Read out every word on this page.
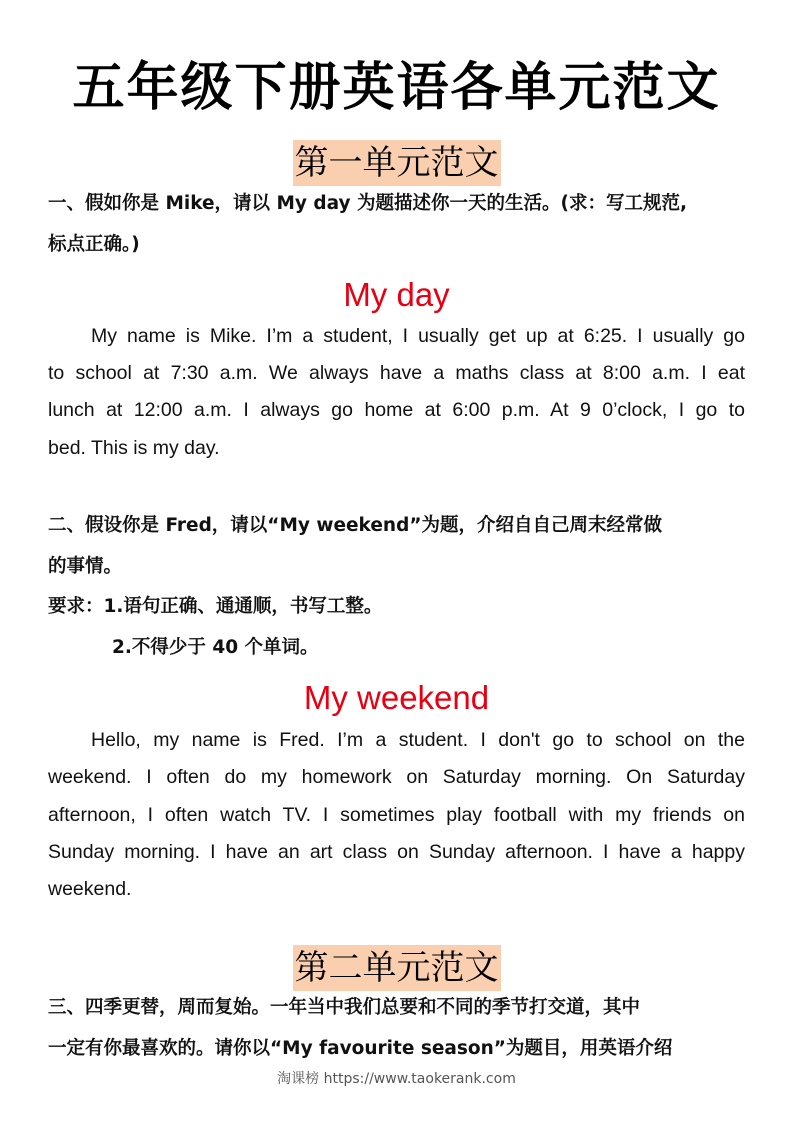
五年级下册英语各单元范文
第一单元范文
一、假如你是 Mike，请以 My day 为题描述你一天的生活。(求：写工规范,
标点正确。)
My day
My name is Mike. I’m a student, I usually get up at 6:25. I usually go
to school at 7:30 a.m. We always have a maths class at 8:00 a.m. I eat
lunch at 12:00 a.m. I always go home at 6:00 p.m. At 9 0’clock, I go to
bed. This is my day.
二、假设你是 Fred，请以“My weekend”为题，介绍自自己周末经常做
的事情。
要求：1.语句正确、通通顺，书写工整。
2.不得少于 40 个单词。
My weekend
Hello, my name is Fred. I’m a student. I don't go to school on the
weekend. I often do my homework on Saturday morning. On Saturday
afternoon, I often watch TV. I sometimes play football with my friends on
Sunday morning. I have an art class on Sunday afternoon. I have a happy
weekend.
第二单元范文
三、四季更替，周而复始。一年当中我们总要和不同的季节打交道，其中
一定有你最喜欢的。请你以“My favourite season”为题目，用英语介绍
淘课榜 https://www.taokerank.com
